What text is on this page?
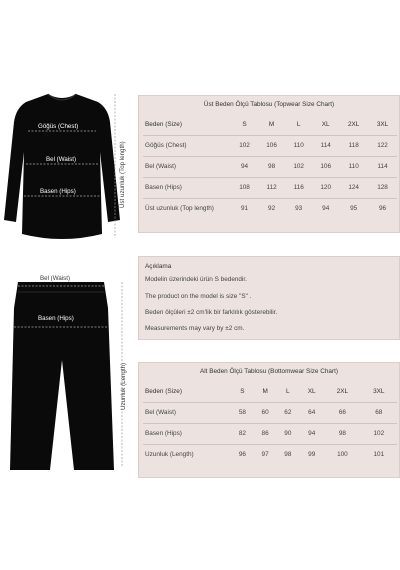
Göğüs (Chest)
Bel (Waist)
Basen (Hips)	Üst uzunluk (Top length)
Üst Beden Ölçü Tablosu (Topwear Size Chart)
Beden (Size)	S	M	L	XL	2XL	3XL
Göğüs (Chest)	102	106	110	114	118	122
Bel (Waist)	94	98	102	106	110	114
Basen (Hips)	108	112	116	120	124	128
Üst uzunluk (Top length)	91	92	93	94	95	96
Bel (Waist)
Basen (Hips)
Uzunluk (Length)
Açıklama
Modelin üzerindeki ürün S bedendir.
The product on the model is size "S" .
Beden ölçüleri ±2 cm'lik bir farklılık gösterebilir.
Measurements may vary by ±2 cm.
Alt Beden Ölçü Tablosu (Bottomwear Size Chart)
Beden (Size)	S	M	L	XL	2XL	3XL
Bel (Waist)	58	60	62	64	66	68
Basen (Hips)	82	86	90	94	98	102
Uzunluk (Length)	96	97	98	99	100	101
